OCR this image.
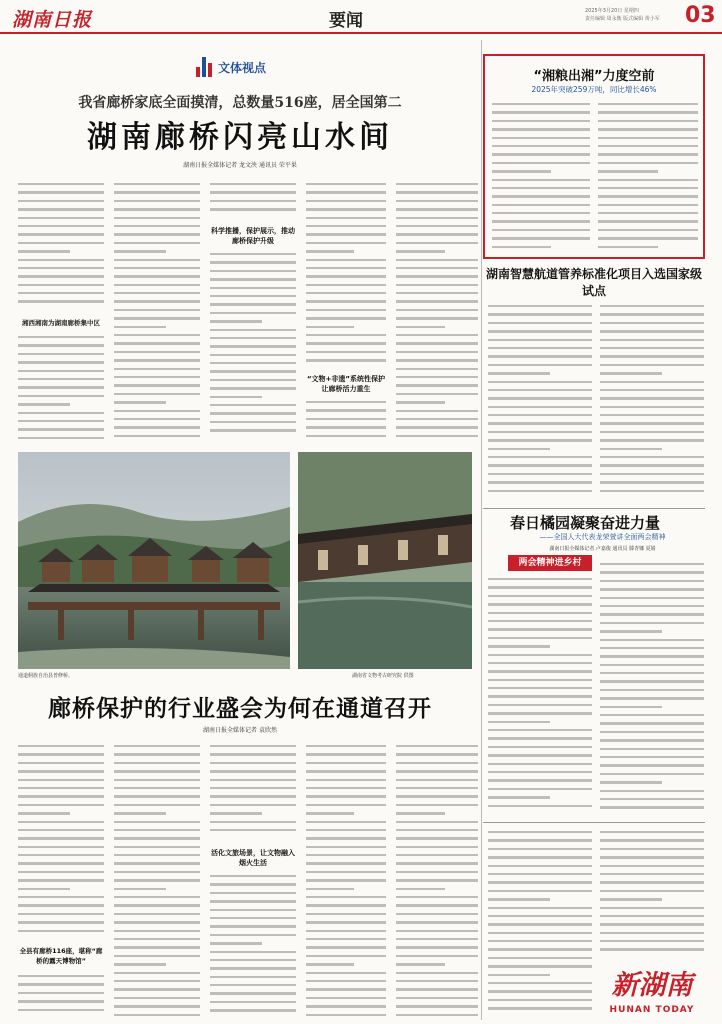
湖南日报	要闻	2025年3月20日 星期四
责任编辑 周永衡 版式编辑 黄小军	03
文体视点
我省廊桥家底全面摸清，总数量516座，居全国第二
湖南廊桥闪亮山水间
湖南日报全媒体记者 龙文泱 通讯员 荣平果
湘西湘南为湖南廊桥集中区
科学推播，保护展示，推动廊桥保护升级
“文物+非遗”系统性保护让廊桥活力重生
通道侗族自治县普修桥。	湖南省文物考古研究院 供图
廊桥保护的行业盛会为何在通道召开
湖南日报全媒体记者 袁欣然
全县有廊桥116座，堪称“廊桥的露天博物馆”
活化文旅场景，让文物融入烟火生活
“湘粮出湘”力度空前
2025年突破259万吨，同比增长46%
湖南智慧航道管养标准化项目入选国家级试点
春日橘园凝聚奋进力量
——全国人大代表龙荣萱讲全面两会精神
湖南日报全媒体记者 卢嘉俊 通讯员 滕青娜 夏婧
两会精神进乡村
新湖南
HUNAN TODAY
